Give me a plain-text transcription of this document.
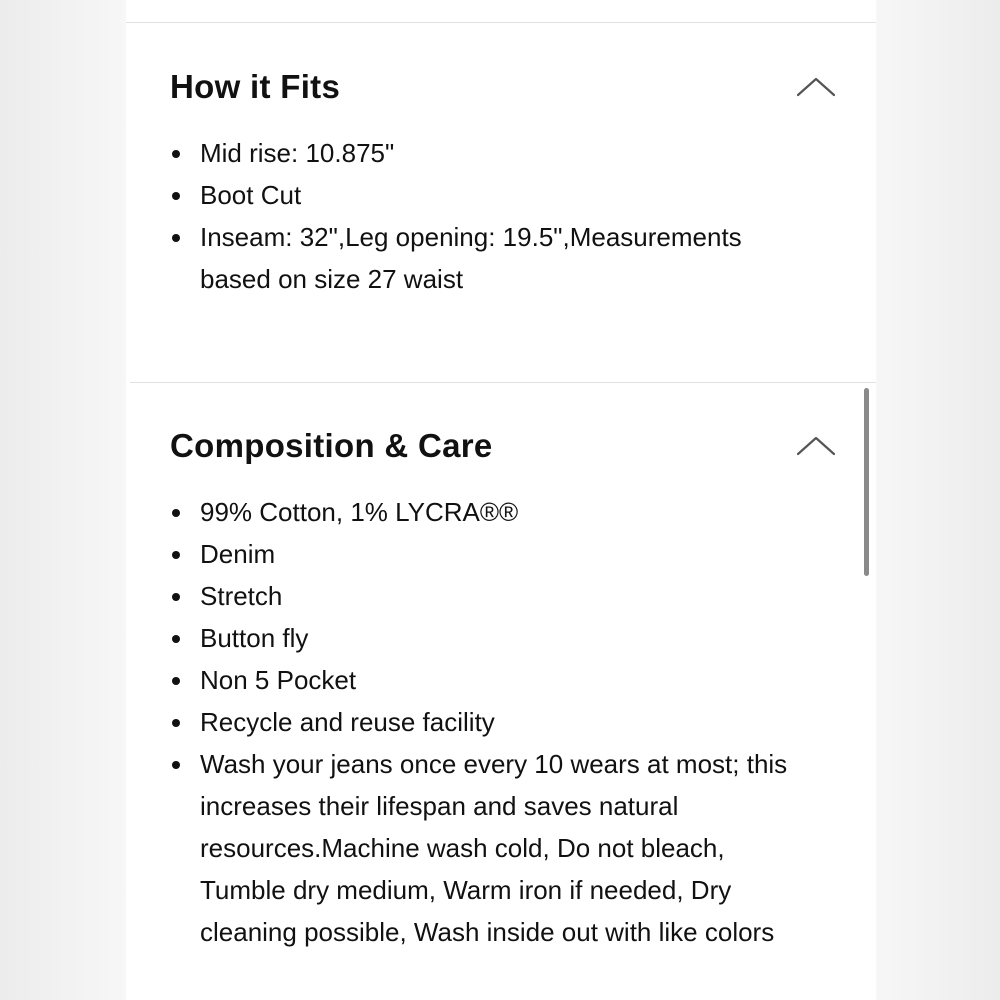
How it Fits
Mid rise: 10.875"
Boot Cut
Inseam: 32",Leg opening: 19.5",Measurements based on size 27 waist
Composition & Care
99% Cotton, 1% LYCRA®®
Denim
Stretch
Button fly
Non 5 Pocket
Recycle and reuse facility
Wash your jeans once every 10 wears at most; this increases their lifespan and saves natural resources.Machine wash cold, Do not bleach, Tumble dry medium, Warm iron if needed, Dry cleaning possible, Wash inside out with like colors
